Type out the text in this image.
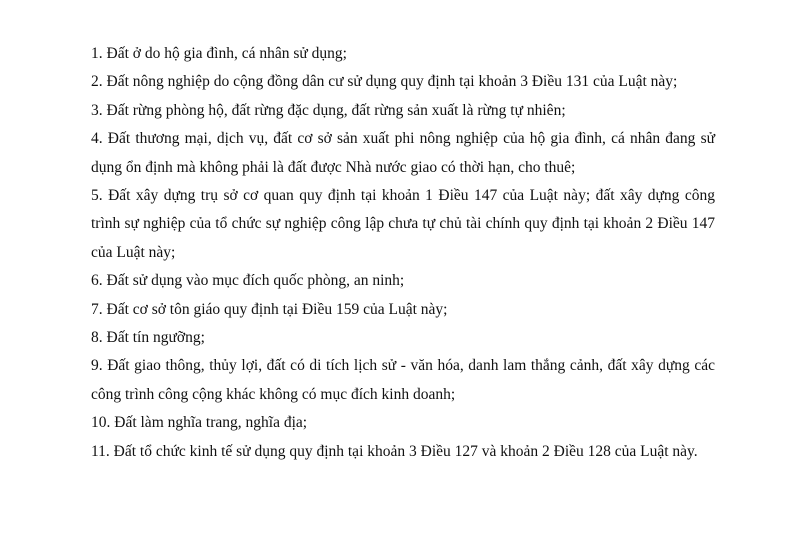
1. Đất ở do hộ gia đình, cá nhân sử dụng;

2. Đất nông nghiệp do cộng đồng dân cư sử dụng quy định tại khoản 3 Điều 131 của Luật này;

3. Đất rừng phòng hộ, đất rừng đặc dụng, đất rừng sản xuất là rừng tự nhiên;

4. Đất thương mại, dịch vụ, đất cơ sở sản xuất phi nông nghiệp của hộ gia đình, cá nhân đang sử dụng ổn định mà không phải là đất được Nhà nước giao có thời hạn, cho thuê;

5. Đất xây dựng trụ sở cơ quan quy định tại khoản 1 Điều 147 của Luật này; đất xây dựng công trình sự nghiệp của tổ chức sự nghiệp công lập chưa tự chủ tài chính quy định tại khoản 2 Điều 147 của Luật này;

6. Đất sử dụng vào mục đích quốc phòng, an ninh;

7. Đất cơ sở tôn giáo quy định tại Điều 159 của Luật này;

8. Đất tín ngưỡng;

9. Đất giao thông, thủy lợi, đất có di tích lịch sử - văn hóa, danh lam thắng cảnh, đất xây dựng các công trình công cộng khác không có mục đích kinh doanh;

10. Đất làm nghĩa trang, nghĩa địa;

11. Đất tổ chức kinh tế sử dụng quy định tại khoản 3 Điều 127 và khoản 2 Điều 128 của Luật này.
